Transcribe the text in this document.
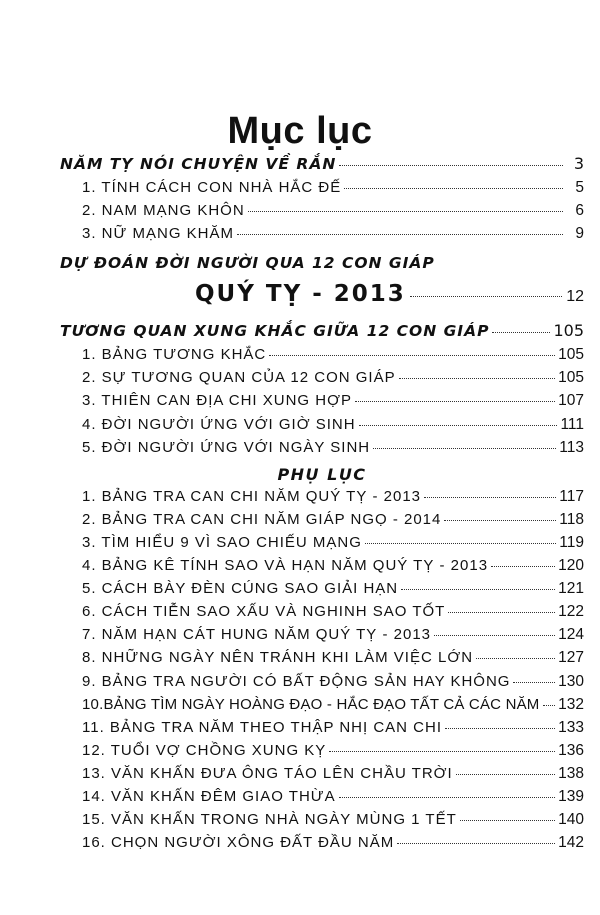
Mục lục
NĂM TỴ NÓI CHUYỆN VỀ RẮN	3
1. TÍNH CÁCH CON NHÀ HẮC ĐẾ	5
2. NAM MẠNG KHÔN	6
3. NỮ MẠNG KHĂM	9
DỰ ĐOÁN ĐỜI NGƯỜI QUA 12 CON GIÁP
QUÝ TỴ - 2013	12
TƯƠNG QUAN XUNG KHẮC GIỮA 12 CON GIÁP	105
1. BẢNG TƯƠNG KHẮC	105
2. SỰ TƯƠNG QUAN CỦA 12 CON GIÁP	105
3. THIÊN CAN ĐỊA CHI XUNG HỢP	107
4. ĐỜI NGƯỜI ỨNG VỚI GIỜ SINH	111
5. ĐỜI NGƯỜI ỨNG VỚI NGÀY SINH	113
PHỤ LỤC
1. BẢNG TRA CAN CHI NĂM QUÝ TỴ - 2013	117
2. BẢNG TRA CAN CHI NĂM GIÁP NGỌ - 2014	118
3. TÌM HIỂU 9 VÌ SAO CHIẾU MẠNG	119
4. BẢNG KÊ TÍNH SAO VÀ HẠN NĂM QUÝ TỴ - 2013	120
5. CÁCH BÀY ĐÈN CÚNG SAO GIẢI HẠN	121
6. CÁCH TIỄN SAO XẤU VÀ NGHINH SAO TỐT	122
7. NĂM HẠN CÁT HUNG NĂM QUÝ TỴ - 2013	124
8. NHỮNG NGÀY NÊN TRÁNH KHI LÀM VIỆC LỚN	127
9. BẢNG TRA NGƯỜI CÓ BẤT ĐỘNG SẢN HAY KHÔNG	130
10.BẢNG TÌM NGÀY HOÀNG ĐẠO - HẮC ĐẠO TẤT CẢ CÁC NĂM 132
11. BẢNG TRA NĂM THEO THẬP NHỊ CAN CHI	133
12. TUỔI VỢ CHỒNG XUNG KỴ	136
13. VĂN KHẤN ĐƯA ÔNG TÁO LÊN CHẦU TRỜI	138
14. VĂN KHẤN ĐÊM GIAO THỪA	139
15. VĂN KHẤN TRONG NHÀ NGÀY MÙNG 1 TẾT	140
16. CHỌN NGƯỜI XÔNG ĐẤT ĐẦU NĂM	142
